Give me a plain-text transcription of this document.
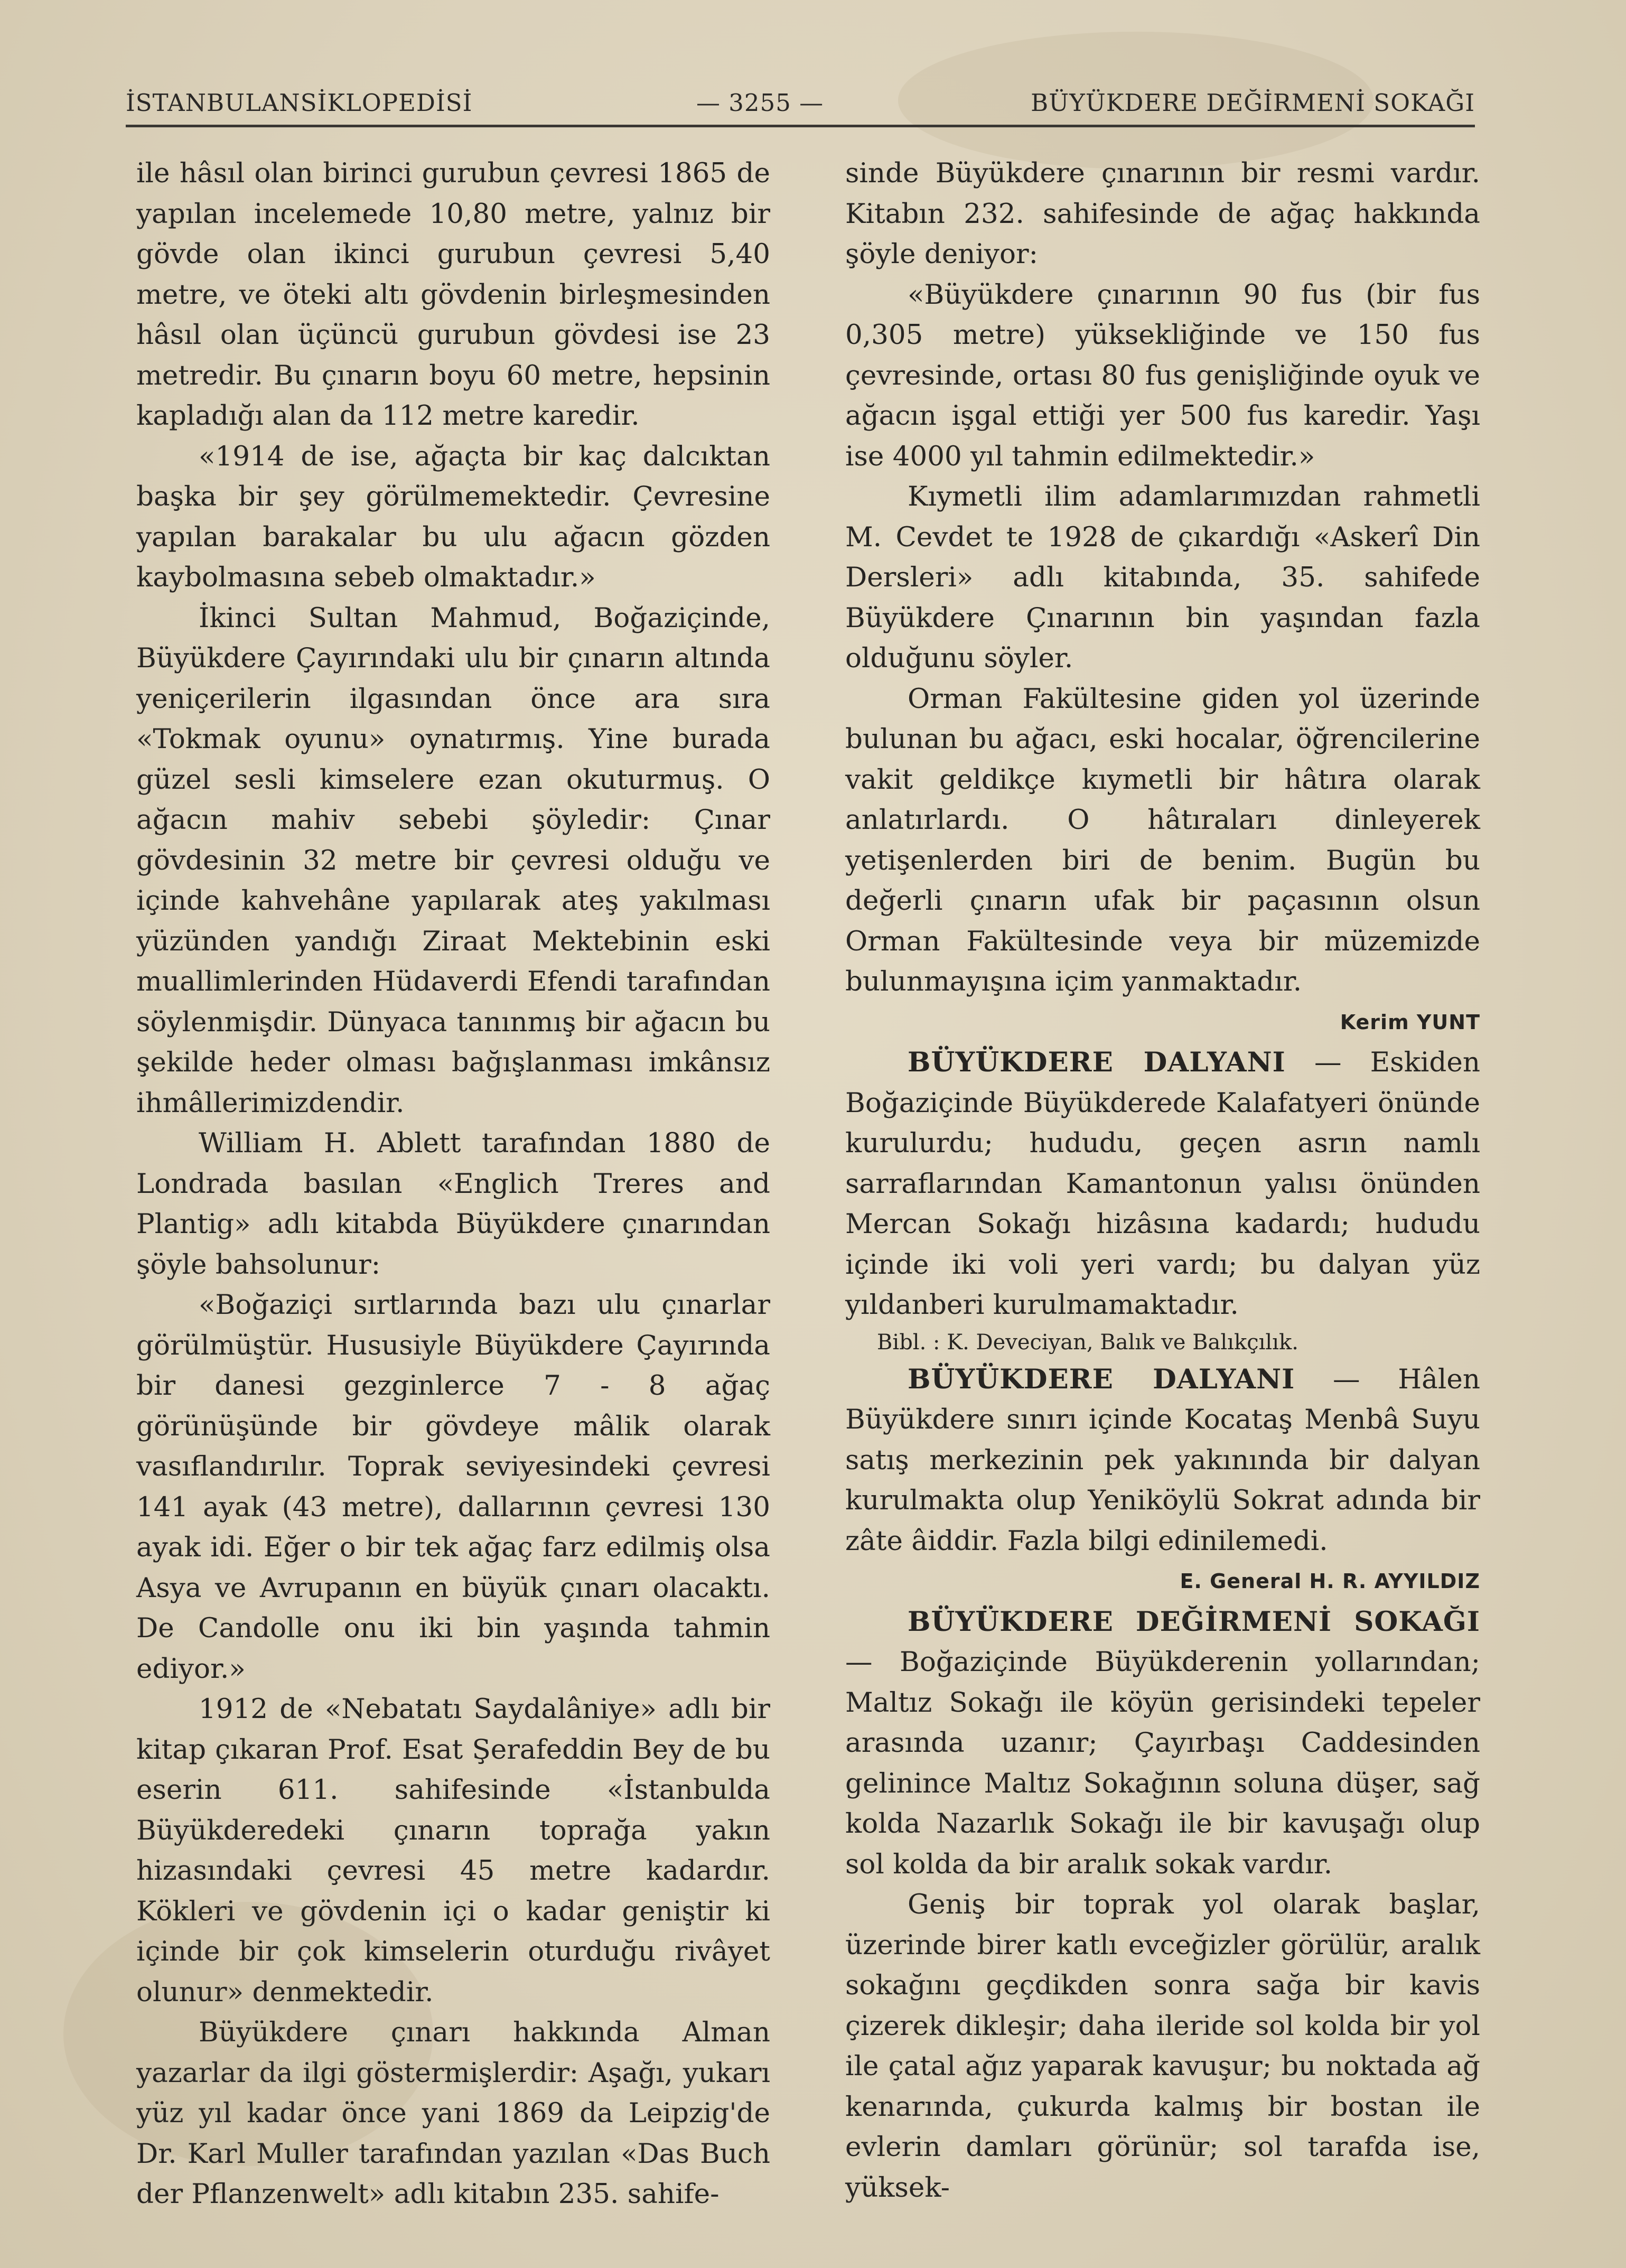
İSTANBULANSİKLOPEDİSİ	— 3255 —	BÜYÜKDERE DEĞİRMENİ SOKAĞI

ile hâsıl olan birinci gurubun çevresi 1865 de yapılan incelemede 10,80 metre, yalnız bir gövde olan ikinci gurubun çevresi 5,40 metre, ve öteki altı gövdenin birleşmesinden hâsıl olan üçüncü gurubun gövdesi ise 23 metredir. Bu çınarın boyu 60 metre, hepsinin kapladığı alan da 112 metre karedir.

«1914 de ise, ağaçta bir kaç dalcıktan başka bir şey görülmemektedir. Çevresine yapılan barakalar bu ulu ağacın gözden kaybolmasına sebeb olmaktadır.»

İkinci Sultan Mahmud, Boğaziçinde, Büyükdere Çayırındaki ulu bir çınarın altında yeniçerilerin ilgasından önce ara sıra «Tokmak oyunu» oynatırmış. Yine burada güzel sesli kimselere ezan okuturmuş. O ağacın mahiv sebebi şöyledir: Çınar gövdesinin 32 metre bir çevresi olduğu ve içinde kahvehâne yapılarak ateş yakılması yüzünden yandığı Ziraat Mektebinin eski muallimlerinden Hüdaverdi Efendi tarafından söylenmişdir. Dünyaca tanınmış bir ağacın bu şekilde heder olması bağışlanması imkânsız ihmâllerimizdendir.

William H. Ablett tarafından 1880 de Londrada basılan «Englich Treres and Plantig» adlı kitabda Büyükdere çınarından şöyle bahsolunur:

«Boğaziçi sırtlarında bazı ulu çınarlar görülmüştür. Hususiyle Büyükdere Çayırında bir danesi gezginlerce 7 - 8 ağaç görünüşünde bir gövdeye mâlik olarak vasıflandırılır. Toprak seviyesindeki çevresi 141 ayak (43 metre), dallarının çevresi 130 ayak idi. Eğer o bir tek ağaç farz edilmiş olsa Asya ve Avrupanın en büyük çınarı olacaktı. De Candolle onu iki bin yaşında tahmin ediyor.»

1912 de «Nebatatı Saydalâniye» adlı bir kitap çıkaran Prof. Esat Şerafeddin Bey de bu eserin 611. sahifesinde «İstanbulda Büyükderedeki çınarın toprağa yakın hizasındaki çevresi 45 metre kadardır. Kökleri ve gövdenin içi o kadar geniştir ki içinde bir çok kimselerin oturduğu rivâyet olunur» denmektedir.

Büyükdere çınarı hakkında Alman yazarlar da ilgi göstermişlerdir: Aşağı, yukarı yüz yıl kadar önce yani 1869 da Leipzig'de Dr. Karl Muller tarafından yazılan «Das Buch der Pflanzenwelt» adlı kitabın 235. sahife-

sinde Büyükdere çınarının bir resmi vardır. Kitabın 232. sahifesinde de ağaç hakkında şöyle deniyor:

«Büyükdere çınarının 90 fus (bir fus 0,305 metre) yüksekliğinde ve 150 fus çevresinde, ortası 80 fus genişliğinde oyuk ve ağacın işgal ettiği yer 500 fus karedir. Yaşı ise 4000 yıl tahmin edilmektedir.»

Kıymetli ilim adamlarımızdan rahmetli M. Cevdet te 1928 de çıkardığı «Askerî Din Dersleri» adlı kitabında, 35. sahifede Büyükdere Çınarının bin yaşından fazla olduğunu söyler.

Orman Fakültesine giden yol üzerinde bulunan bu ağacı, eski hocalar, öğrencilerine vakit geldikçe kıymetli bir hâtıra olarak anlatırlardı. O hâtıraları dinleyerek yetişenlerden biri de benim. Bugün bu değerli çınarın ufak bir paçasının olsun Orman Fakültesinde veya bir müzemizde bulunmayışına içim yanmaktadır.

Kerim YUNT

BÜYÜKDERE DALYANI — Eskiden Boğaziçinde Büyükderede Kalafatyeri önünde kurulurdu; hududu, geçen asrın namlı sarraflarından Kamantonun yalısı önünden Mercan Sokağı hizâsına kadardı; hududu içinde iki voli yeri vardı; bu dalyan yüz yıldanberi kurulmamaktadır.

Bibl. : K. Deveciyan, Balık ve Balıkçılık.

BÜYÜKDERE DALYANI — Hâlen Büyükdere sınırı içinde Kocataş Menbâ Suyu satış merkezinin pek yakınında bir dalyan kurulmakta olup Yeniköylü Sokrat adında bir zâte âiddir. Fazla bilgi edinilemedi.

E. General H. R. AYYILDIZ

BÜYÜKDERE DEĞİRMENİ SOKAĞI — Boğaziçinde Büyükderenin yollarından; Maltız Sokağı ile köyün gerisindeki tepeler arasında uzanır; Çayırbaşı Caddesinden gelinince Maltız Sokağının soluna düşer, sağ kolda Nazarlık Sokağı ile bir kavuşağı olup sol kolda da bir aralık sokak vardır.

Geniş bir toprak yol olarak başlar, üzerinde birer katlı evceğizler görülür, aralık sokağını geçdikden sonra sağa bir kavis çizerek dikleşir; daha ileride sol kolda bir yol ile çatal ağız yaparak kavuşur; bu noktada ağ kenarında, çukurda kalmış bir bostan ile evlerin damları görünür; sol tarafda ise, yüksek-
